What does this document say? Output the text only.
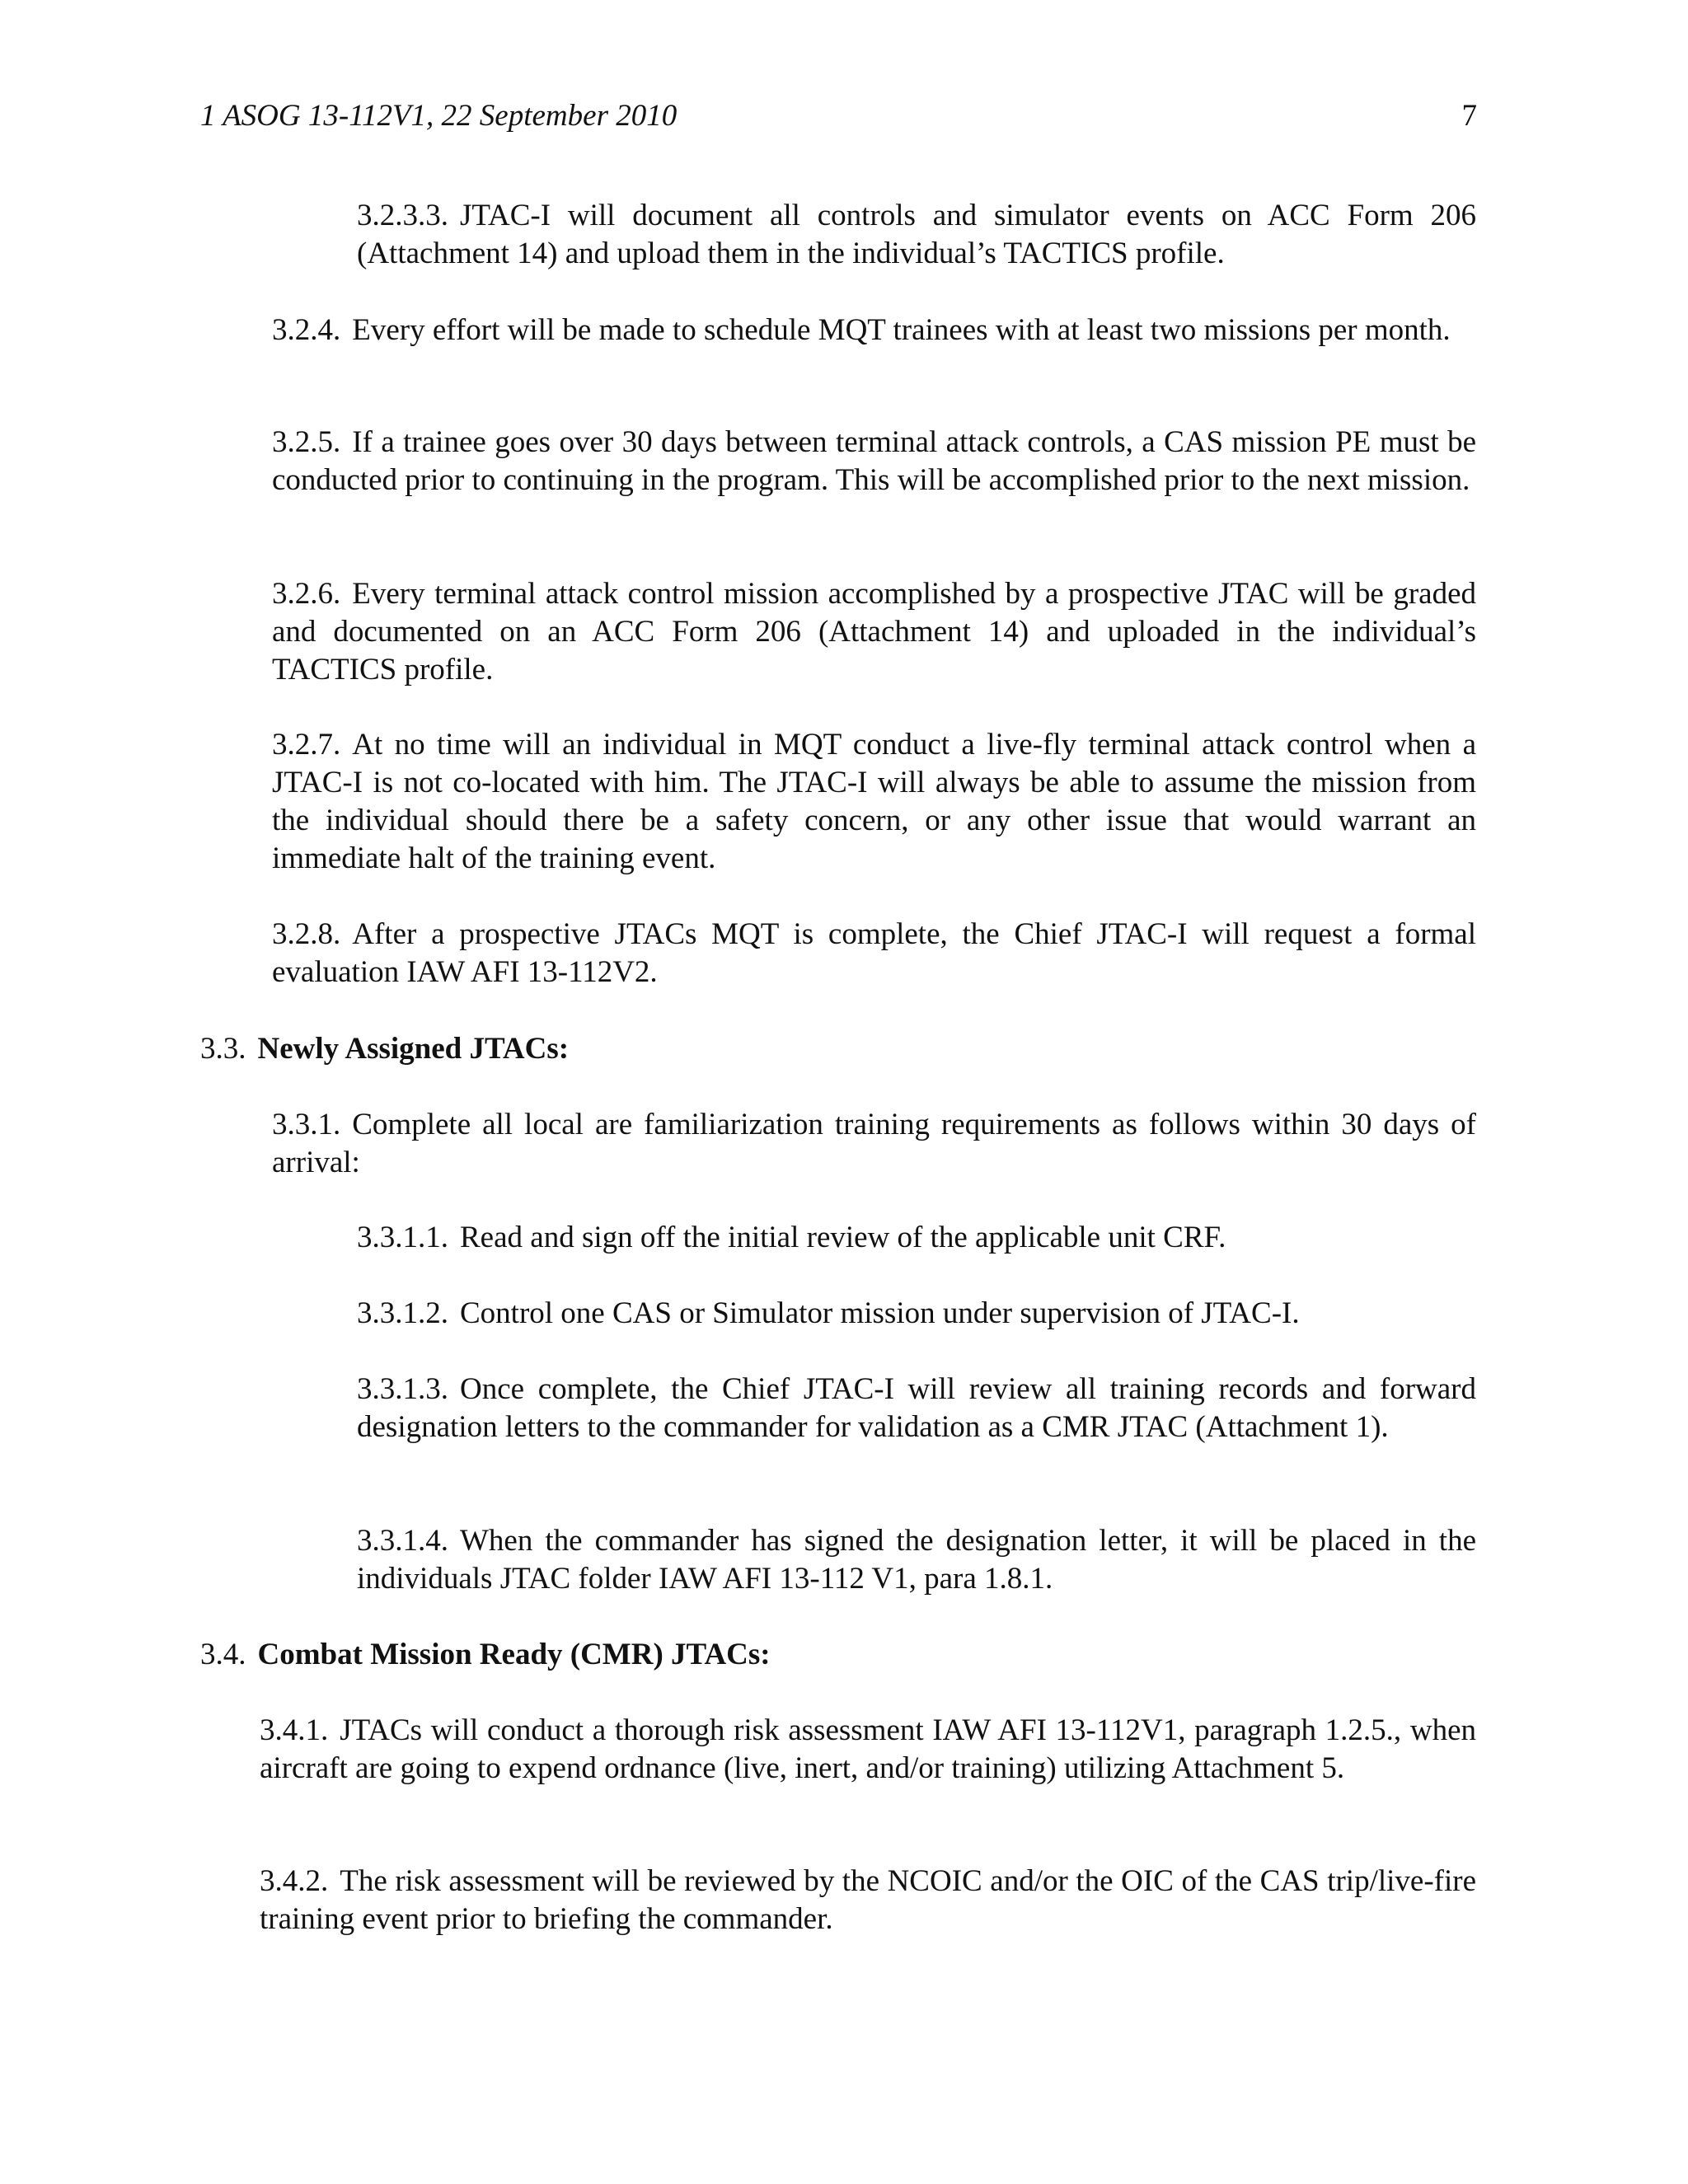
1 ASOG 13-112V1, 22 September 2010	7
3.2.3.3. JTAC-I will document all controls and simulator events on ACC Form 206 (Attachment 14) and upload them in the individual’s TACTICS profile.
3.2.4. Every effort will be made to schedule MQT trainees with at least two missions per month.
3.2.5. If a trainee goes over 30 days between terminal attack controls, a CAS mission PE must be conducted prior to continuing in the program. This will be accomplished prior to the next mission.
3.2.6. Every terminal attack control mission accomplished by a prospective JTAC will be graded and documented on an ACC Form 206 (Attachment 14) and uploaded in the individual’s TACTICS profile.
3.2.7. At no time will an individual in MQT conduct a live-fly terminal attack control when a JTAC-I is not co-located with him. The JTAC-I will always be able to assume the mission from the individual should there be a safety concern, or any other issue that would warrant an immediate halt of the training event.
3.2.8. After a prospective JTACs MQT is complete, the Chief JTAC-I will request a formal evaluation IAW AFI 13-112V2.
3.3. Newly Assigned JTACs:
3.3.1. Complete all local are familiarization training requirements as follows within 30 days of arrival:
3.3.1.1. Read and sign off the initial review of the applicable unit CRF.
3.3.1.2. Control one CAS or Simulator mission under supervision of JTAC-I.
3.3.1.3. Once complete, the Chief JTAC-I will review all training records and forward designation letters to the commander for validation as a CMR JTAC (Attachment 1).
3.3.1.4. When the commander has signed the designation letter, it will be placed in the individuals JTAC folder IAW AFI 13-112 V1, para 1.8.1.
3.4. Combat Mission Ready (CMR) JTACs:
3.4.1. JTACs will conduct a thorough risk assessment IAW AFI 13-112V1, paragraph 1.2.5., when aircraft are going to expend ordnance (live, inert, and/or training) utilizing Attachment 5.
3.4.2. The risk assessment will be reviewed by the NCOIC and/or the OIC of the CAS trip/live-fire training event prior to briefing the commander.
